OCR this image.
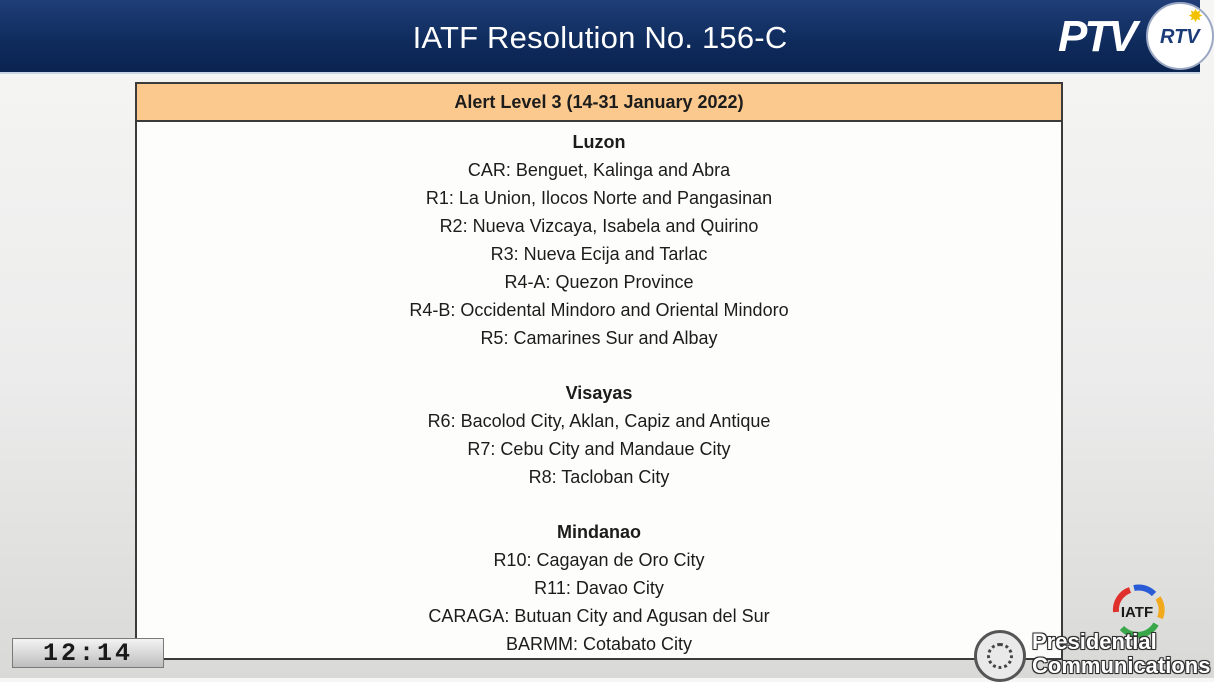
IATF Resolution No. 156-C	PTV	✸
RTV
Alert Level 3 (14-31 January 2022)
Luzon
CAR: Benguet, Kalinga and Abra
R1: La Union, Ilocos Norte and Pangasinan
R2: Nueva Vizcaya, Isabela and Quirino
R3: Nueva Ecija and Tarlac
R4-A: Quezon Province
R4-B: Occidental Mindoro and Oriental Mindoro
R5: Camarines Sur and Albay
Visayas
R6: Bacolod City, Aklan, Capiz and Antique
R7: Cebu City and Mandaue City
R8: Tacloban City
Mindanao
R10: Cagayan de Oro City
R11: Davao City
CARAGA: Butuan City and Agusan del Sur
BARMM: Cotabato City
12:14
IATF
Presidential
Communications
